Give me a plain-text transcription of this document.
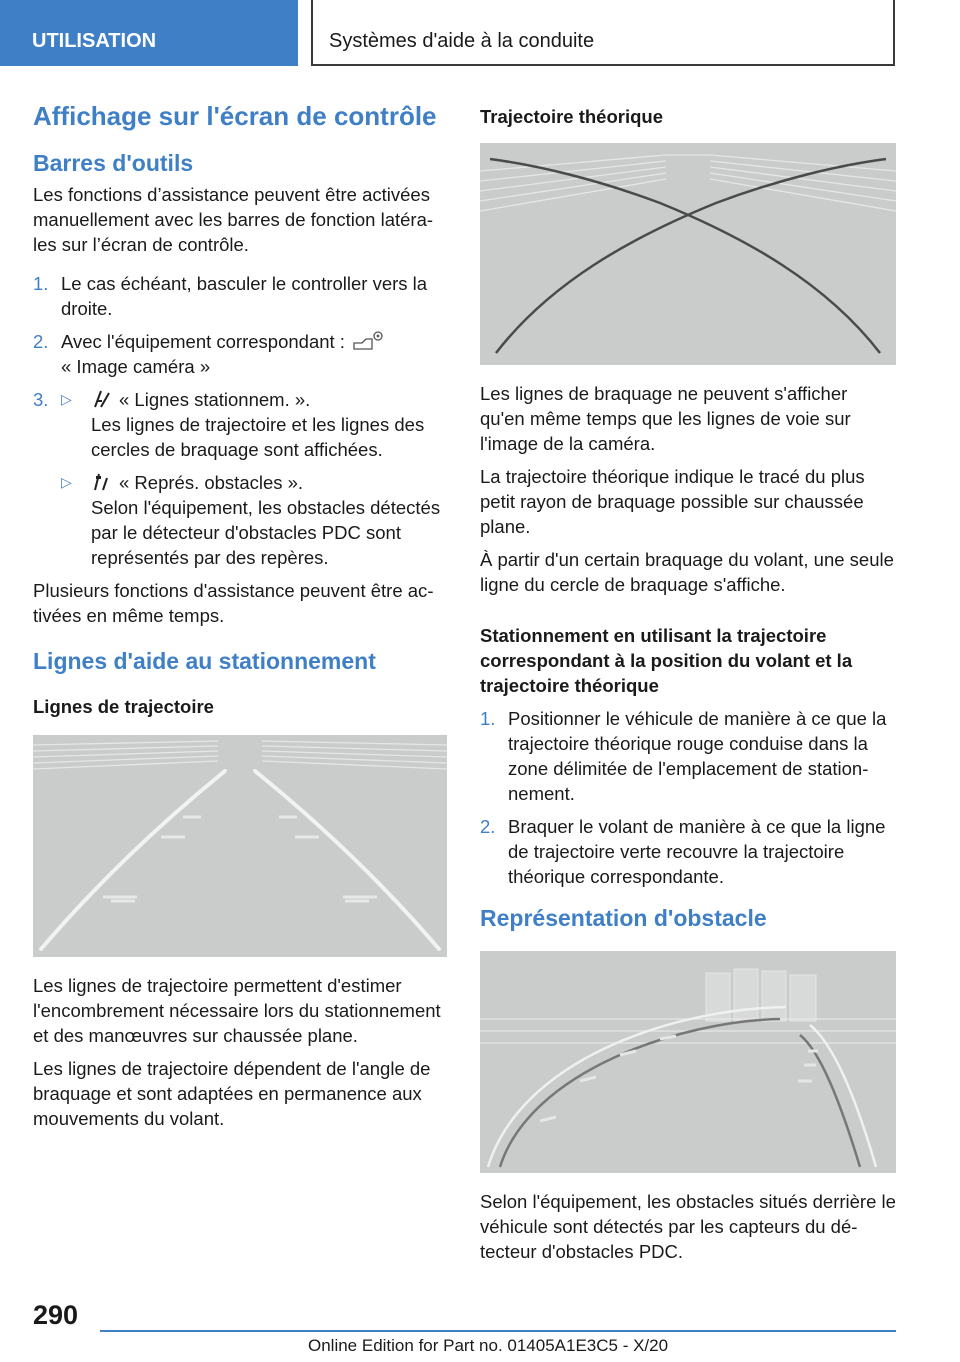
UTILISATION	Systèmes d'aide à la conduite
Affichage sur l'écran de contrôle
Barres d'outils

Les fonctions d’assistance peuvent être activées manuellement avec les barres de fonction latérales sur l’écran de contrôle.

1. Le cas échéant, basculer le controller vers la droite.
2. Avec l'équipement correspondant :
« Image caméra »
3. ▷	« Lignes stationnem. ».
Les lignes de trajectoire et les lignes des cercles de braquage sont affichées.
▷	« Représ. obstacles ».
Selon l'équipement, les obstacles détectés par le détecteur d'obstacles PDC sont représentés par des repères.

Plusieurs fonctions d'assistance peuvent être activées en même temps.

Lignes d'aide au stationnement
Lignes de trajectoire

Les lignes de trajectoire permettent d'estimer l'encombrement nécessaire lors du stationnement et des manœuvres sur chaussée plane.

Les lignes de trajectoire dépendent de l'angle de braquage et sont adaptées en permanence aux mouvements du volant.

Trajectoire théorique

Les lignes de braquage ne peuvent s'afficher qu'en même temps que les lignes de voie sur l'image de la caméra.

La trajectoire théorique indique le tracé du plus petit rayon de braquage possible sur chaussée plane.

À partir d'un certain braquage du volant, une seule ligne du cercle de braquage s'affiche.

Stationnement en utilisant la trajectoire correspondant à la position du volant et la trajectoire théorique
1. Positionner le véhicule de manière à ce que la trajectoire théorique rouge conduise dans la zone délimitée de l'emplacement de stationnement.
2. Braquer le volant de manière à ce que la ligne de trajectoire verte recouvre la trajectoire théorique correspondante.
Représentation d'obstacle

Selon l'équipement, les obstacles situés derrière le véhicule sont détectés par les capteurs du détecteur d'obstacles PDC.

290
Online Edition for Part no. 01405A1E3C5 - X/20
